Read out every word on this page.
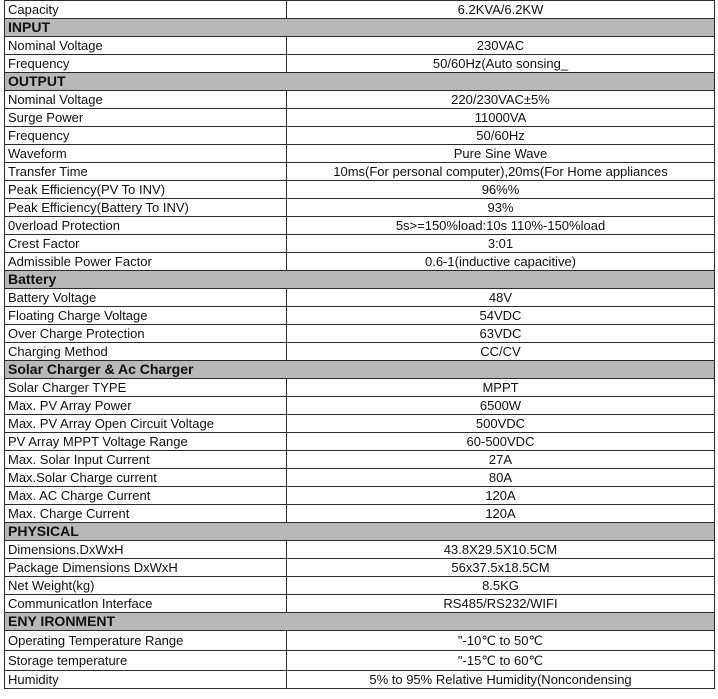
Capacity	6.2KVA/6.2KW
INPUT	
Nominal Voltage	230VAC
Frequency	50/60Hz(Auto sonsing_
OUTPUT	
Nominal Voltage	220/230VAC±5%
Surge Power	11000VA
Frequency	50/60Hz
Waveform	Pure Sine Wave
Transfer Time	10ms(For personal computer),20ms(For Home appliances
Peak Efficiency(PV To INV)	96%%
Peak Efficiency(Battery To INV)	93%
0verload Protection	5s>=150%load:10s 110%-150%load
Crest Factor	3:01
Admissible Power Factor	0.6-1(inductive capacitive)
Battery	
Battery Voltage	48V
Floating Charge Voltage	54VDC
Over Charge Protection	63VDC
Charging Method	CC/CV
Solar Charger & Ac Charger	
Solar Charger TYPE	MPPT
Max. PV Array Power	6500W
Max. PV Array Open Circuit Voltage	500VDC
PV Array MPPT Voltage Range	60-500VDC
Max. Solar Input Current	27A
Max.Solar Charge current	80A
Max. AC Charge Current	120A
Max. Charge Current	120A
PHYSICAL	
Dimensions.DxWxH	43.8X29.5X10.5CM
Package Dimensions DxWxH	56x37.5x18.5CM
Net Weight(kg)	8.5KG
Communicatlon Interface	RS485/RS232/WIFI
ENY IRONMENT	
Operating Temperature Range	"-10℃ to 50℃
Storage temperature	"-15℃ to 60℃
Humidity	5% to 95% Relative Humidity(Noncondensing
